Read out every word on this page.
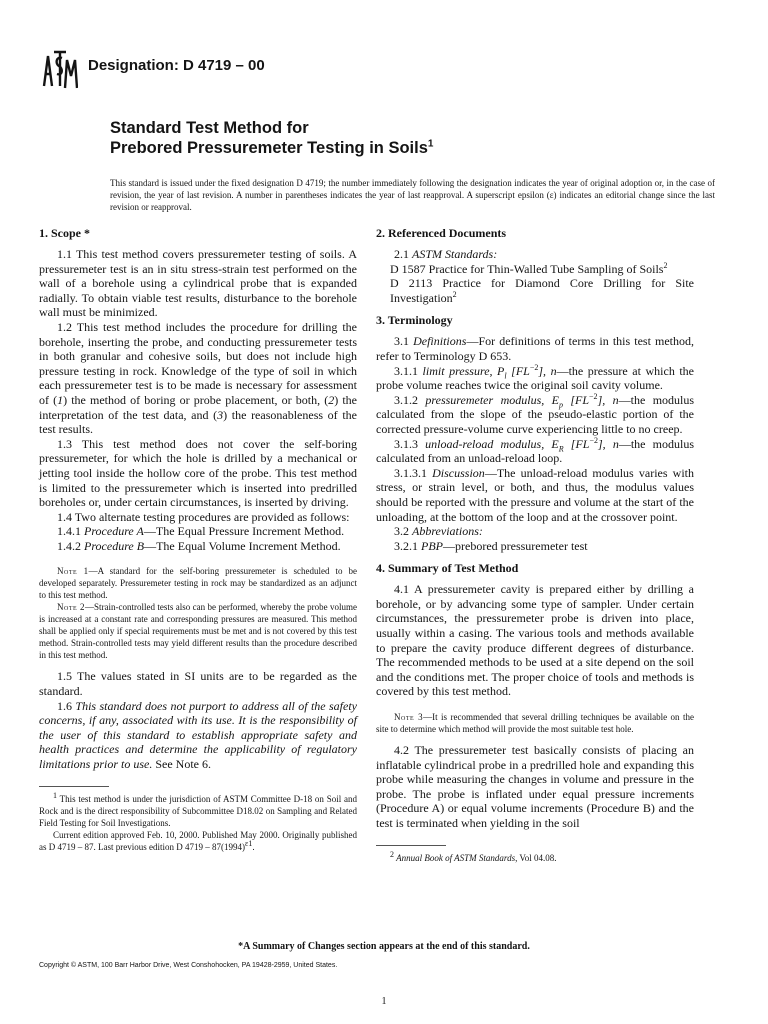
Designation: D 4719 – 00
Standard Test Method for
Prebored Pressuremeter Testing in Soils$^1$
This standard is issued under the fixed designation D 4719; the number immediately following the designation indicates the year of original adoption or, in the case of revision, the year of last revision. A number in parentheses indicates the year of last reapproval. A superscript epsilon (ε) indicates an editorial change since the last revision or reapproval.
1. Scope *

1.1 This test method covers pressuremeter testing of soils. A pressuremeter test is an in situ stress-strain test performed on the wall of a borehole using a cylindrical probe that is expanded radially. To obtain viable test results, disturbance to the borehole wall must be minimized.

1.2 This test method includes the procedure for drilling the borehole, inserting the probe, and conducting pressuremeter tests in both granular and cohesive soils, but does not include high pressure testing in rock. Knowledge of the type of soil in which each pressuremeter test is to be made is necessary for assessment of (1) the method of boring or probe placement, or both, (2) the interpretation of the test data, and (3) the reasonableness of the test results.

1.3 This test method does not cover the self-boring pressuremeter, for which the hole is drilled by a mechanical or jetting tool inside the hollow core of the probe. This test method is limited to the pressuremeter which is inserted into predrilled boreholes or, under certain circumstances, is inserted by driving.

1.4 Two alternate testing procedures are provided as follows:

1.4.1 Procedure A—The Equal Pressure Increment Method.

1.4.2 Procedure B—The Equal Volume Increment Method.

Note 1—A standard for the self-boring pressuremeter is scheduled to be developed separately. Pressuremeter testing in rock may be standardized as an adjunct to this test method.

Note 2—Strain-controlled tests also can be performed, whereby the probe volume is increased at a constant rate and corresponding pressures are measured. This method shall be applied only if special requirements must be met and is not covered by this test method. Strain-controlled tests may yield different results than the procedure described in this test method.

1.5 The values stated in SI units are to be regarded as the standard.

1.6 This standard does not purport to address all of the safety concerns, if any, associated with its use. It is the responsibility of the user of this standard to establish appropriate safety and health practices and determine the applicability of regulatory limitations prior to use. See Note 6.

$^1$ This test method is under the jurisdiction of ASTM Committee D-18 on Soil and Rock and is the direct responsibility of Subcommittee D18.02 on Sampling and Related Field Testing for Soil Investigations.

Current edition approved Feb. 10, 2000. Published May 2000. Originally published as D 4719 – 87. Last previous edition D $4719 - 87(1994)^{\varepsilon 1}$.

2. Referenced Documents

2.1 ASTM Standards:

D 1587 Practice for Thin-Walled Tube Sampling of Soils$^2$

D 2113 Practice for Diamond Core Drilling for Site Investigation$^2$

3. Terminology

3.1 Definitions—For definitions of terms in this test method, refer to Terminology D 653.

3.1.1 limit pressure, $P_l$ $[FL^{-2}]$, n—the pressure at which the probe volume reaches twice the original soil cavity volume.

3.1.2 pressuremeter modulus, $E_p$ $[FL^{-2}]$, n—the modulus calculated from the slope of the pseudo-elastic portion of the corrected pressure-volume curve experiencing little to no creep.

3.1.3 unload-reload modulus, $E_R$ $[FL^{-2}]$, n—the modulus calculated from an unload-reload loop.

3.1.3.1 Discussion—The unload-reload modulus varies with stress, or strain level, or both, and thus, the modulus values should be reported with the pressure and volume at the start of the unloading, at the bottom of the loop and at the crossover point.

3.2 Abbreviations:

3.2.1 PBP—prebored pressuremeter test

4. Summary of Test Method

4.1 A pressuremeter cavity is prepared either by drilling a borehole, or by advancing some type of sampler. Under certain circumstances, the pressuremeter probe is driven into place, usually within a casing. The various tools and methods available to prepare the cavity produce different degrees of disturbance. The recommended methods to be used at a site depend on the soil and the conditions met. The proper choice of tools and methods is covered by this test method.

Note 3—It is recommended that several drilling techniques be available on the site to determine which method will provide the most suitable test hole.

4.2 The pressuremeter test basically consists of placing an inflatable cylindrical probe in a predrilled hole and expanding this probe while measuring the changes in volume and pressure in the probe. The probe is inflated under equal pressure increments (Procedure A) or equal volume increments (Procedure B) and the test is terminated when yielding in the soil

$^2$ Annual Book of ASTM Standards, Vol 04.08.

*A Summary of Changes section appears at the end of this standard.
Copyright © ASTM, 100 Barr Harbor Drive, West Conshohocken, PA 19428-2959, United States.
1
